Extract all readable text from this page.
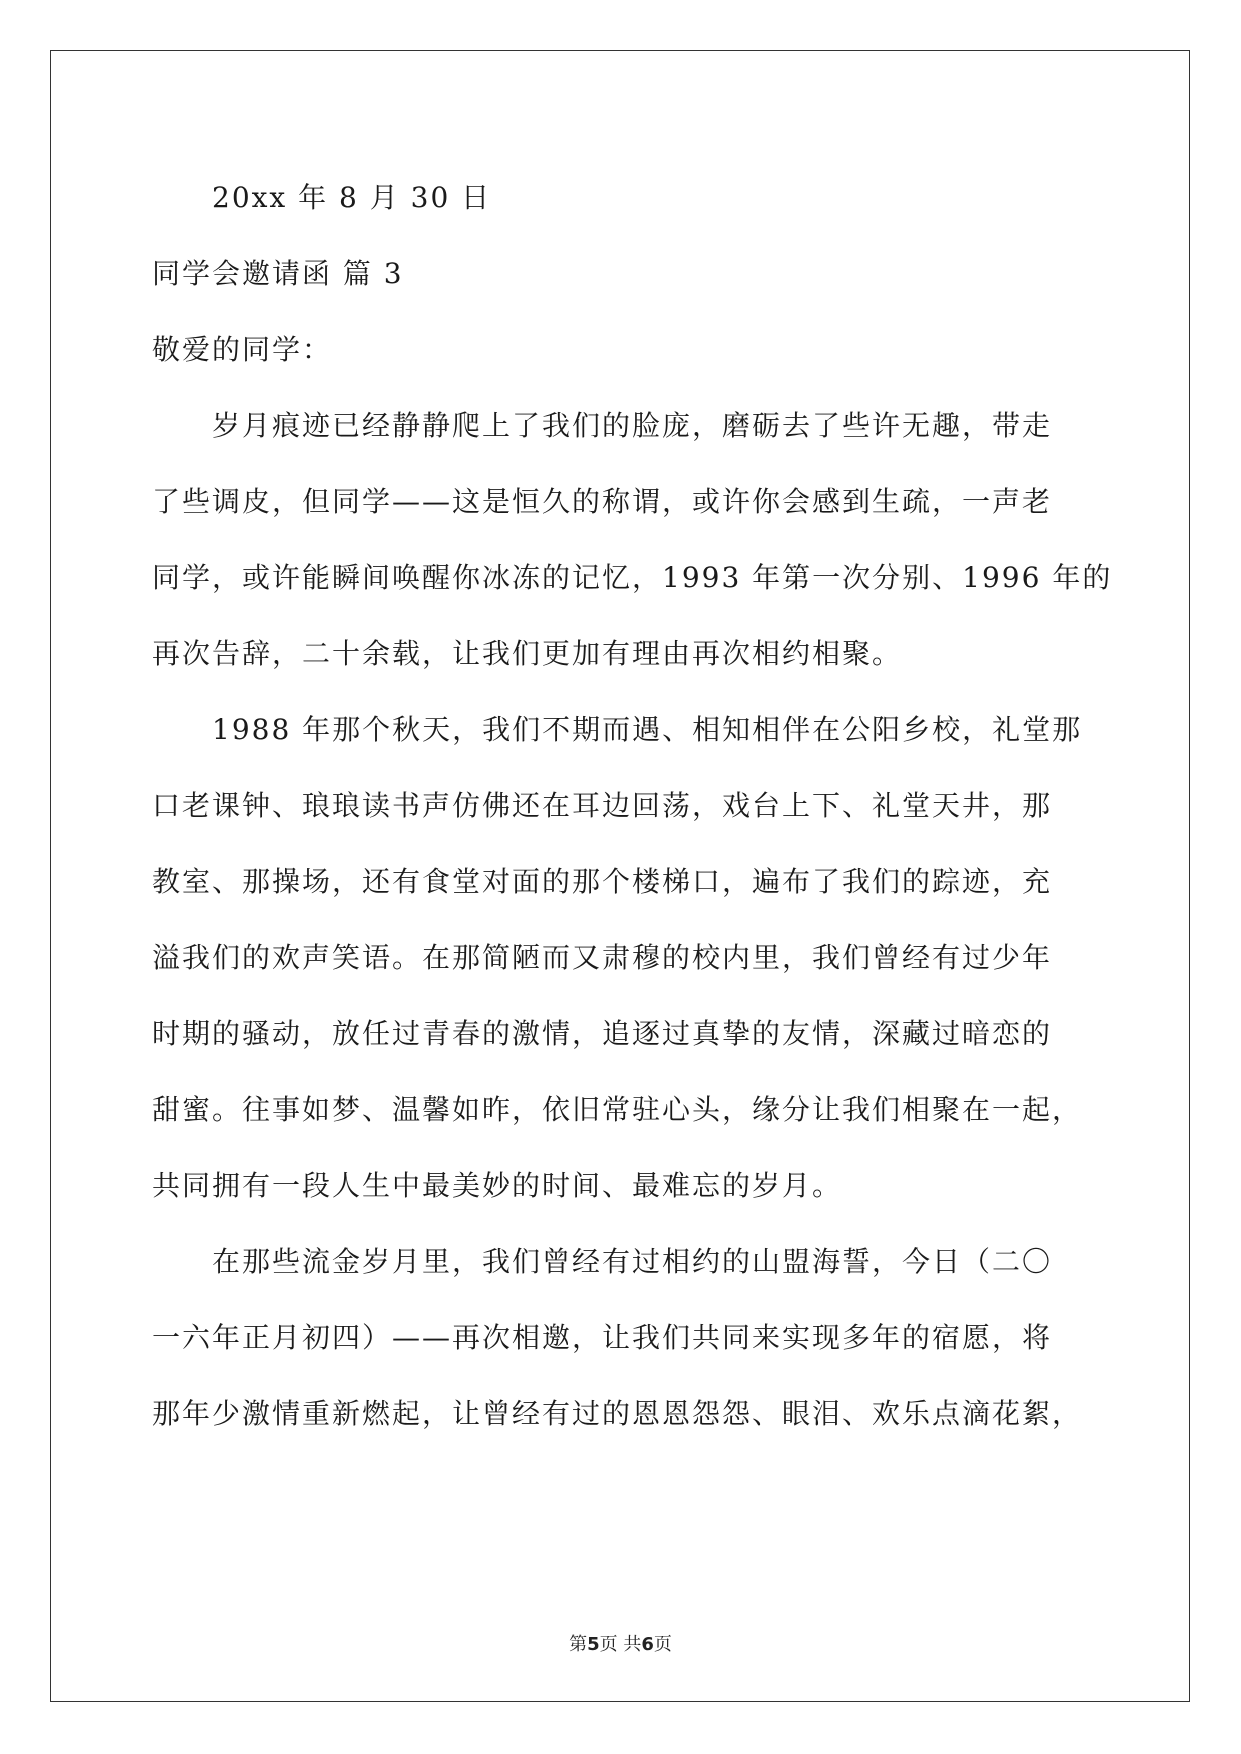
20xx 年 8 月 30 日
同学会邀请函 篇 3
敬爱的同学：
岁月痕迹已经静静爬上了我们的脸庞，磨砺去了些许无趣，带走
了些调皮，但同学——这是恒久的称谓，或许你会感到生疏，一声老
同学，或许能瞬间唤醒你冰冻的记忆，1993 年第一次分别、1996 年的
再次告辞，二十余载，让我们更加有理由再次相约相聚。
1988 年那个秋天，我们不期而遇、相知相伴在公阳乡校，礼堂那
口老课钟、琅琅读书声仿佛还在耳边回荡，戏台上下、礼堂天井，那
教室、那操场，还有食堂对面的那个楼梯口，遍布了我们的踪迹，充
溢我们的欢声笑语。在那简陋而又肃穆的校内里，我们曾经有过少年
时期的骚动，放任过青春的激情，追逐过真挚的友情，深藏过暗恋的
甜蜜。往事如梦、温馨如昨，依旧常驻心头，缘分让我们相聚在一起，
共同拥有一段人生中最美妙的时间、最难忘的岁月。
在那些流金岁月里，我们曾经有过相约的山盟海誓，今日（二〇
一六年正月初四）——再次相邀，让我们共同来实现多年的宿愿，将
那年少激情重新燃起，让曾经有过的恩恩怨怨、眼泪、欢乐点滴花絮，
第5页 共6页
